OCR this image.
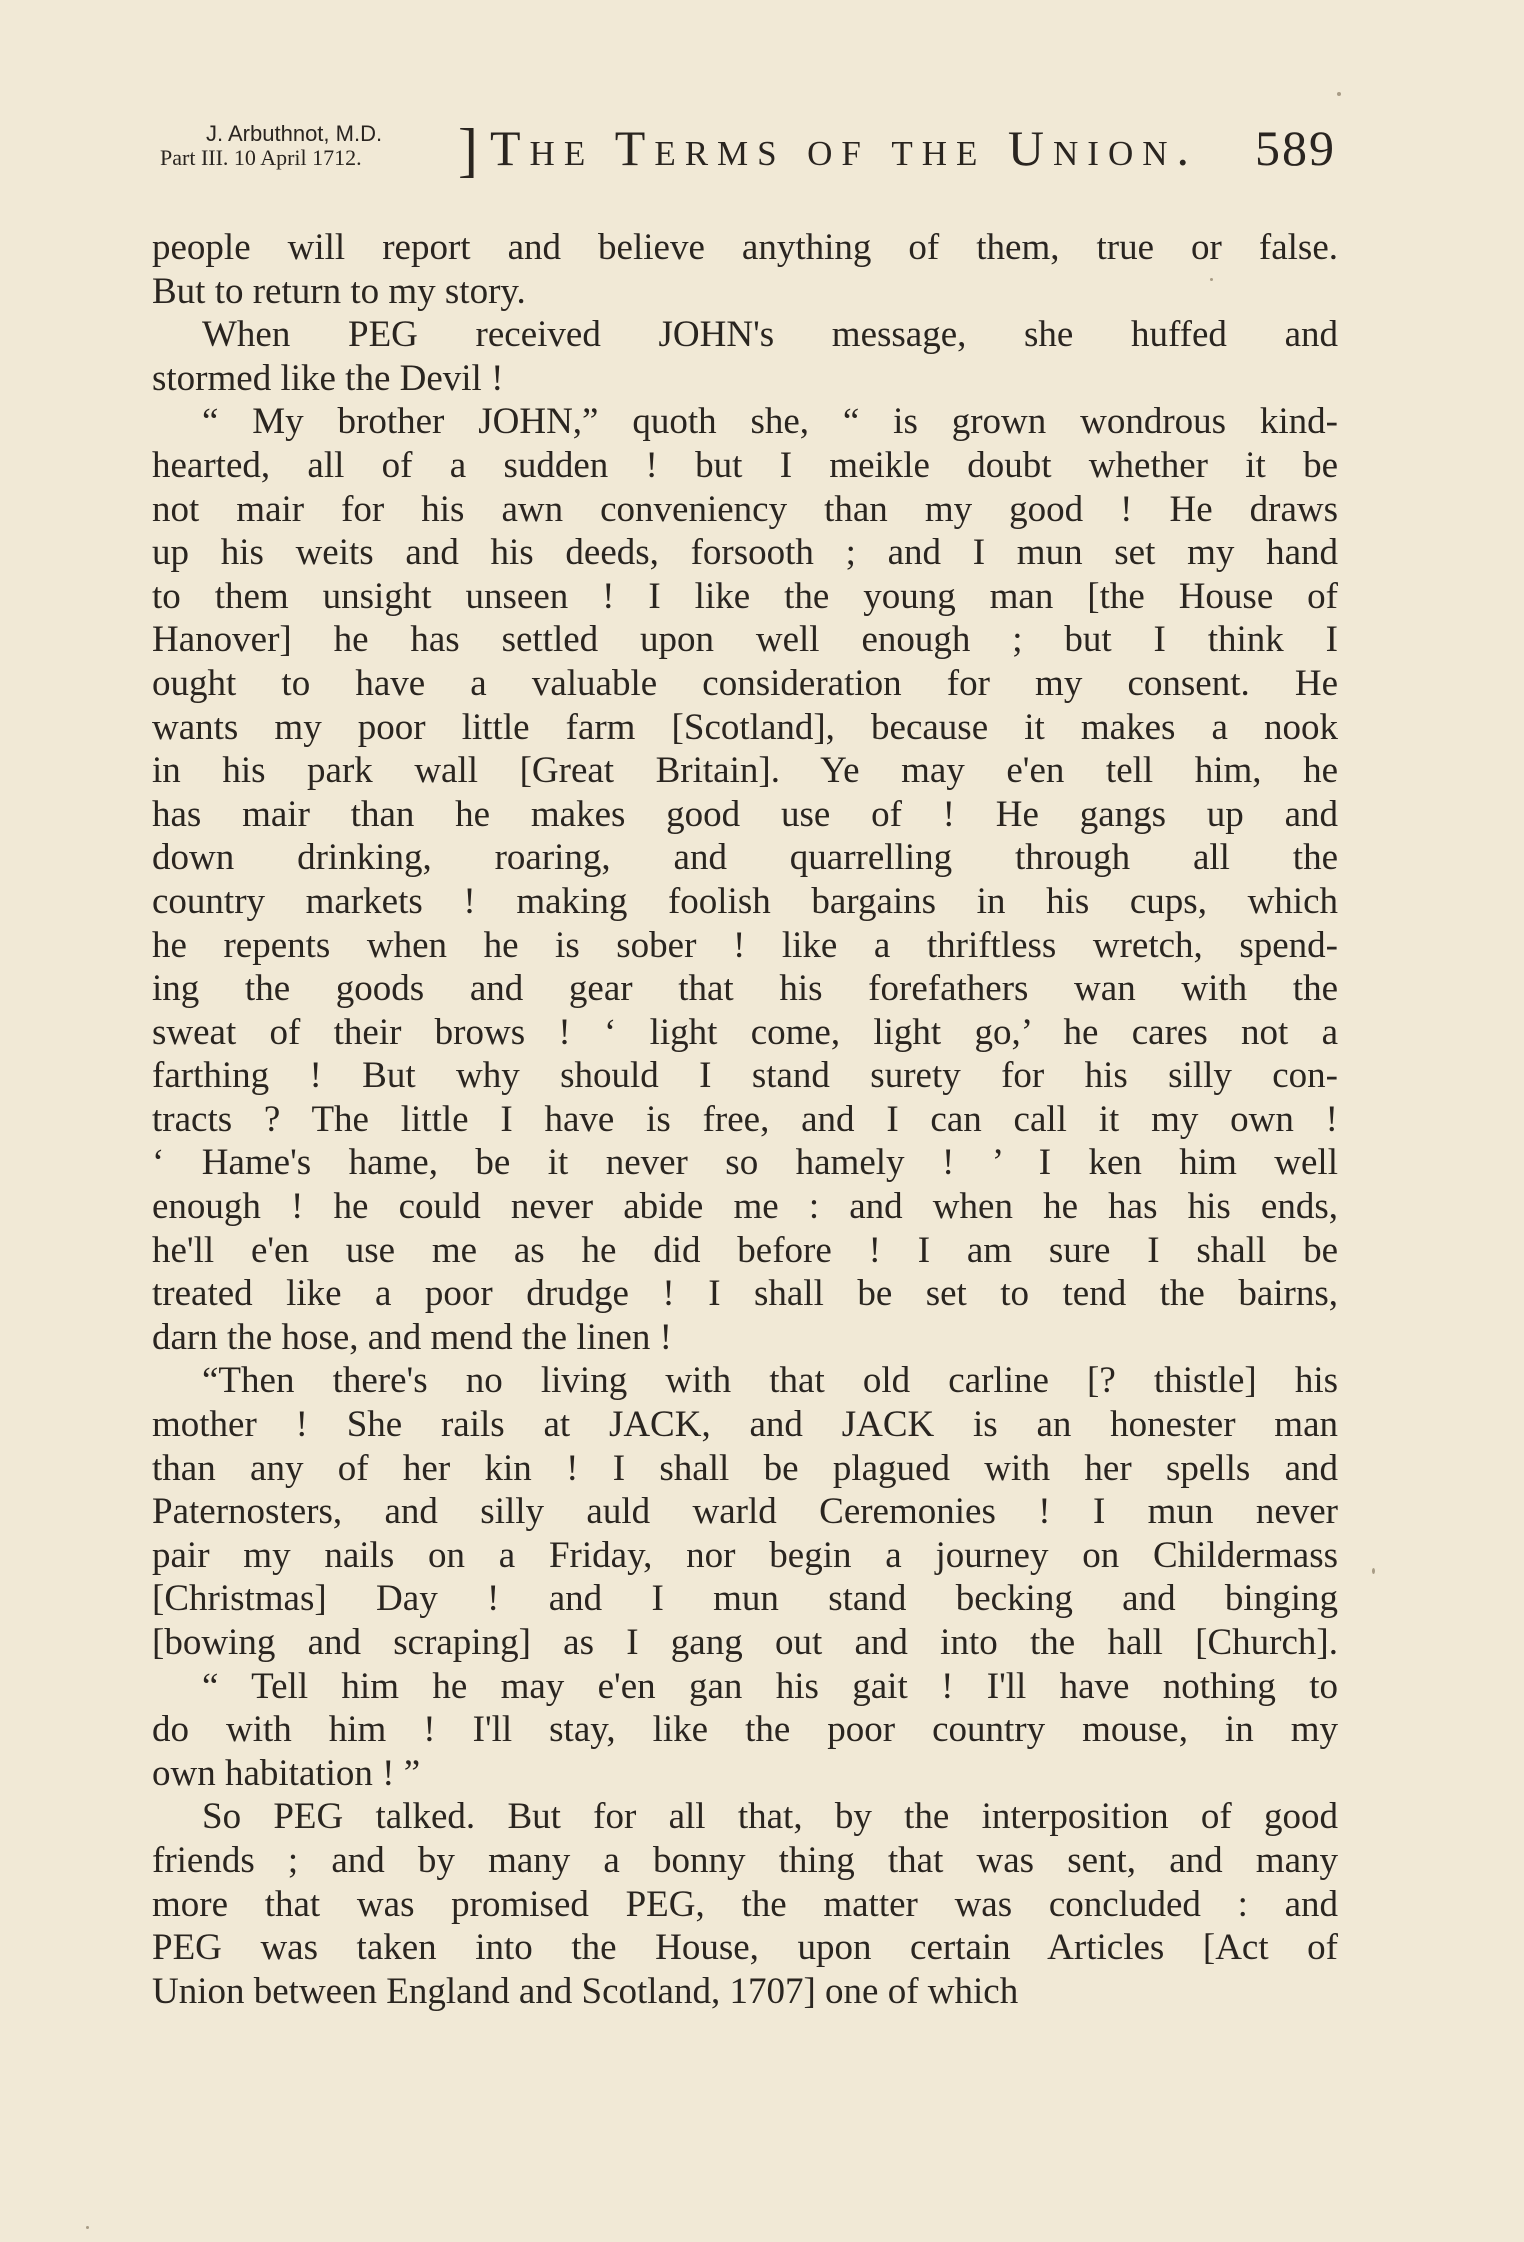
J. Arbuthnot, M.D.
Part III. 10 April 1712.	] The Terms of the Union. 589
people will report and believe anything of them, true or false.
But to return to my story.
When PEG received JOHN's message, she huffed and
stormed like the Devil !
“ My brother JOHN,” quoth she, “ is grown wondrous kind-
hearted, all of a sudden ! but I meikle doubt whether it be
not mair for his awn conveniency than my good ! He draws
up his weits and his deeds, forsooth ; and I mun set my hand
to them unsight unseen ! I like the young man [the House of
Hanover] he has settled upon well enough ; but I think I
ought to have a valuable consideration for my consent. He
wants my poor little farm [Scotland], because it makes a nook
in his park wall [Great Britain]. Ye may e'en tell him, he
has mair than he makes good use of ! He gangs up and
down drinking, roaring, and quarrelling through all the
country markets ! making foolish bargains in his cups, which
he repents when he is sober ! like a thriftless wretch, spend-
ing the goods and gear that his forefathers wan with the
sweat of their brows ! ‘ light come, light go,’ he cares not a
farthing ! But why should I stand surety for his silly con-
tracts ? The little I have is free, and I can call it my own !
‘ Hame's hame, be it never so hamely ! ’ I ken him well
enough ! he could never abide me : and when he has his ends,
he'll e'en use me as he did before ! I am sure I shall be
treated like a poor drudge ! I shall be set to tend the bairns,
darn the hose, and mend the linen !
“Then there's no living with that old carline [? thistle] his
mother ! She rails at JACK, and JACK is an honester man
than any of her kin ! I shall be plagued with her spells and
Paternosters, and silly auld warld Ceremonies ! I mun never
pair my nails on a Friday, nor begin a journey on Childermass
[Christmas] Day ! and I mun stand becking and binging
[bowing and scraping] as I gang out and into the hall [Church].
“ Tell him he may e'en gan his gait ! I'll have nothing to
do with him ! I'll stay, like the poor country mouse, in my
own habitation ! ”
So PEG talked. But for all that, by the interposition of good
friends ; and by many a bonny thing that was sent, and many
more that was promised PEG, the matter was concluded : and
PEG was taken into the House, upon certain Articles [Act of
Union between England and Scotland, 1707] one of which
